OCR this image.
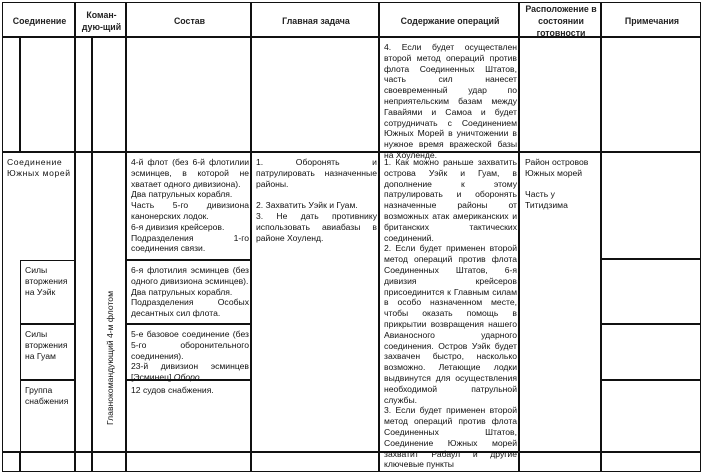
Соединение
Коман-дую-щий
Состав	Главная задача	Содержание операций
Расположение в состоянии готовности
Примечания
4. Если будет осуществлен второй метод операций против флота Соединенных Штатов, часть сил нанесет своевременный удар по неприятельским базам между Гавайями и Самоа и будет сотрудничать с Соединением Южных Морей в уничтожении в нужное время вражеской базы на Хоуленде.
Соединение Южных морей
Главнокомандующий 4-м флотом

4-й флот (без 6-й флотилии эсминцев, в которой не хватает одного дивизиона).

Два патрульных корабля.

Часть 5-го дивизиона канонерских лодок.

6-я дивизия крейсеров.

Подразделения 1-го соединения связи.

Силы вторжения на Уэйк

6-я флотилия эсминцев (без одного дивизиона эсминцев).

Два патрульных корабля.

Подразделения Особых десантных сил флота.

Силы вторжения на Гуам

5-е базовое соединение (без 5-го оборонительного соединения).

23-й дивизион эсминцев [Эсминец] Оборо.

Группа снабжения

12 судов снабжения.

1. Оборонять и патрулировать назначенные районы.

2. Захватить Уэйк и Гуам.

3. Не дать противнику использовать авиабазы в районе Хоуленд.

1. Как можно раньше захватить острова Уэйк и Гуам, в дополнение к этому патрулировать и оборонять назначенные районы от возможных атак американских и британских тактических соединений.

2. Если будет применен второй метод операций против флота Соединенных Штатов, 6-я дивизия крейсеров присоединится к Главным силам в особо назначенном месте, чтобы оказать помощь в прикрытии возвращения нашего Авианосного ударного соединения. Остров Уэйк будет захвачен быстро, насколько возможно. Летающие лодки выдвинутся для осуществления необходимой патрульной службы.

3. Если будет применен второй метод операций против флота Соединенных Штатов, Соединение Южных морей захватит Рабаул и другие ключевые пункты

Район островов Южных морей

Часть у Титидзима
